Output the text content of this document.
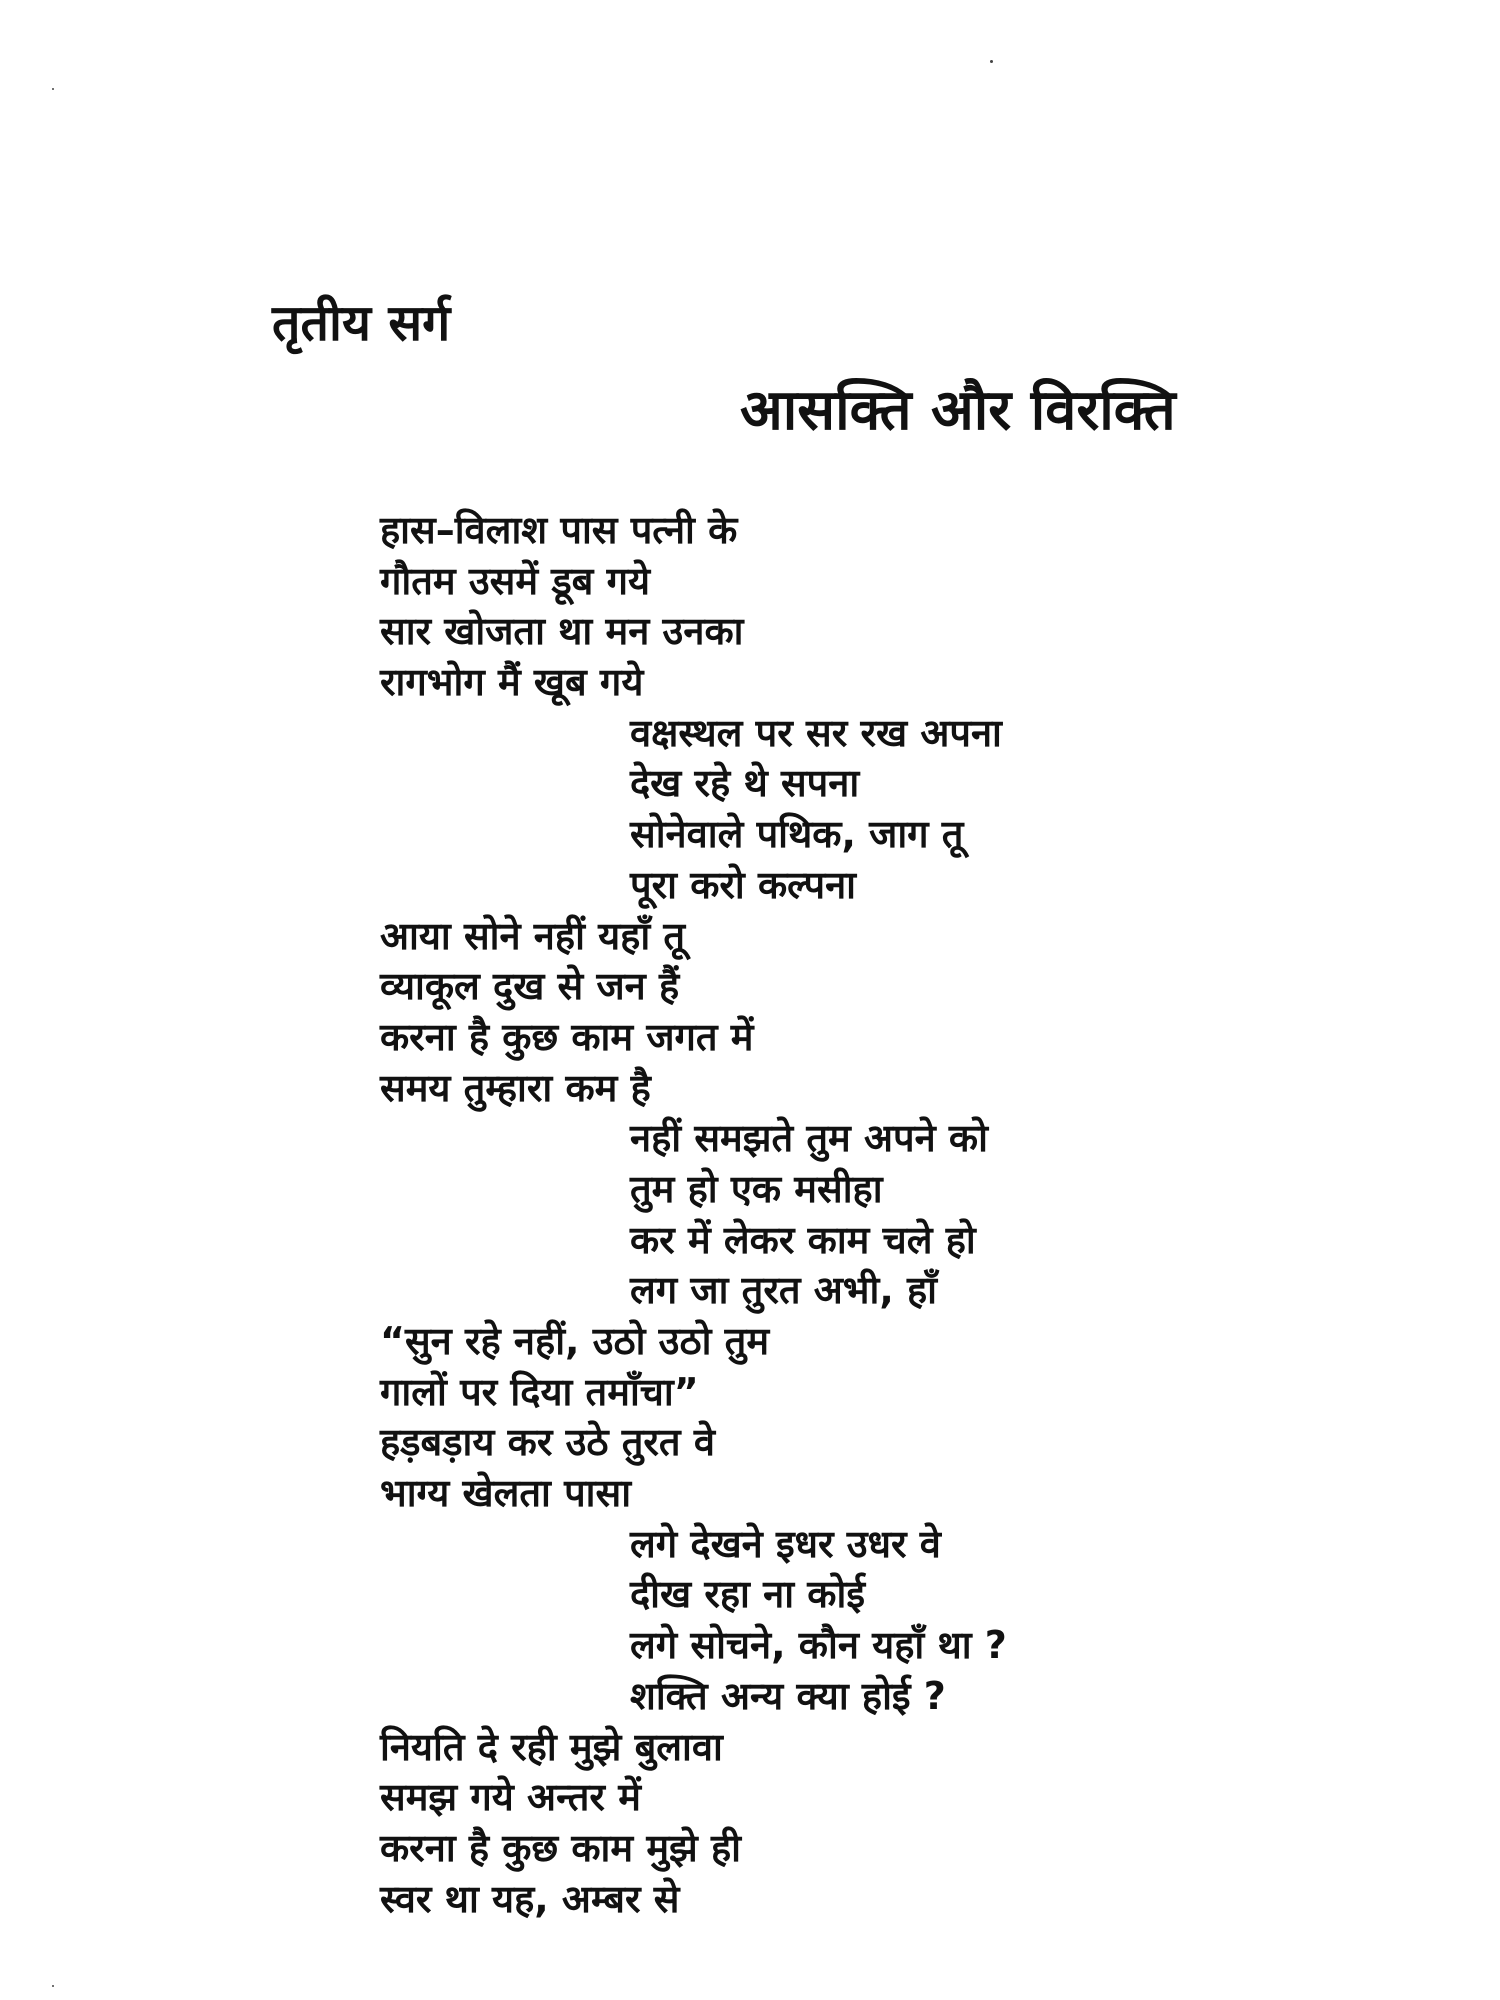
तृतीय सर्ग
आसक्ति और विरक्ति
हास–विलाश पास पत्नी के
गौतम उसमें डूब गये
सार खोजता था मन उनका
रागभोग मैं खूब गये
वक्षस्थल पर सर रख अपना
देख रहे थे सपना
सोनेवाले पथिक, जाग तू
पूरा करो कल्पना
आया सोने नहीं यहाँ तू
व्याकूल दुख से जन हैं
करना है कुछ काम जगत में
समय तुम्हारा कम है
नहीं समझते तुम अपने को
तुम हो एक मसीहा
कर में लेकर काम चले हो
लग जा तुरत अभी, हाँ
“सुन रहे नहीं, उठो उठो तुम
गालों पर दिया तमाँचा”
हड़बड़ाय कर उठे तुरत वे
भाग्य खेलता पासा
लगे देखने इधर उधर वे
दीख रहा ना कोई
लगे सोचने, कौन यहाँ था ?
शक्ति अन्य क्या होई ?
नियति दे रही मुझे बुलावा
समझ गये अन्तर में
करना है कुछ काम मुझे ही
स्वर था यह, अम्बर से
